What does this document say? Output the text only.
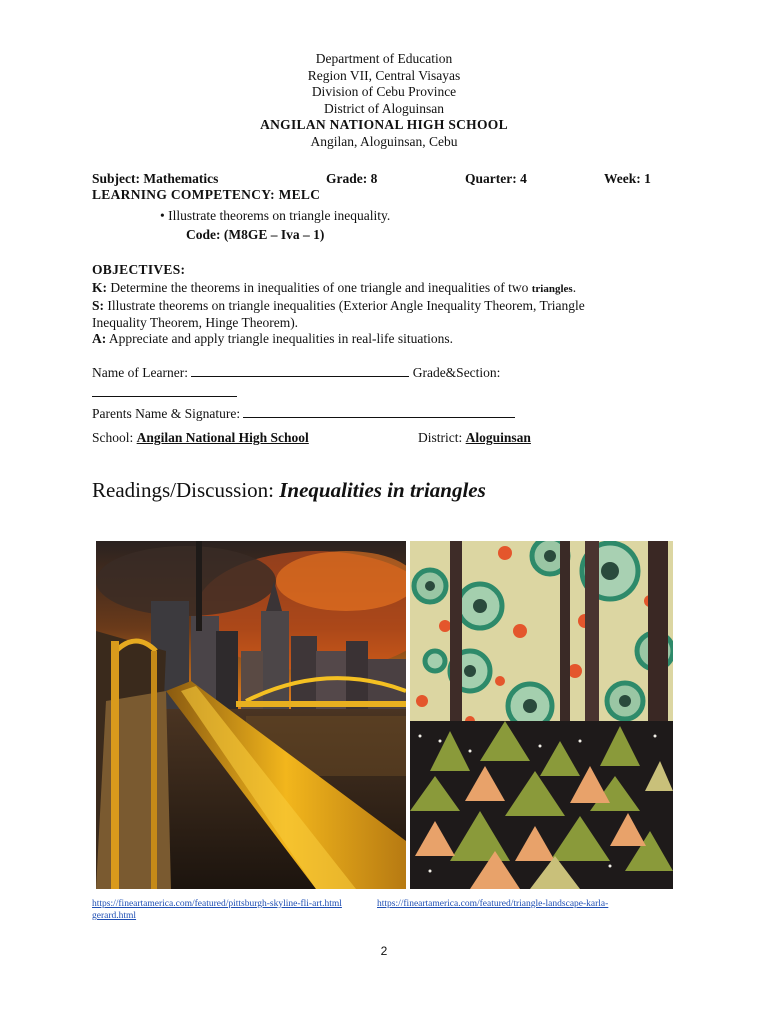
Department of Education
Region VII, Central Visayas
Division of Cebu Province
District of Aloguinsan
ANGILAN NATIONAL HIGH SCHOOL
Angilan, Aloguinsan, Cebu
Subject: Mathematics	Grade: 8	Quarter: 4	Week: 1
LEARNING COMPETENCY: MELC
• Illustrate theorems on triangle inequality.
Code: (M8GE – Iva – 1)
OBJECTIVES:
K: Determine the theorems in inequalities of one triangle and inequalities of two triangles.
S: Illustrate theorems on triangle inequalities (Exterior Angle Inequality Theorem, Triangle
Inequality Theorem, Hinge Theorem).
A: Appreciate and apply triangle inequalities in real-life situations.
Name of Learner:	Grade&Section:
Parents Name & Signature:
School: Angilan National High School	District: Aloguinsan
Readings/Discussion: Inequalities in triangles
https://fineartamerica.com/featured/pittsburgh-skyline-fli-art.html	https://fineartamerica.com/featured/triangle-landscape-karla-
gerard.html
2
